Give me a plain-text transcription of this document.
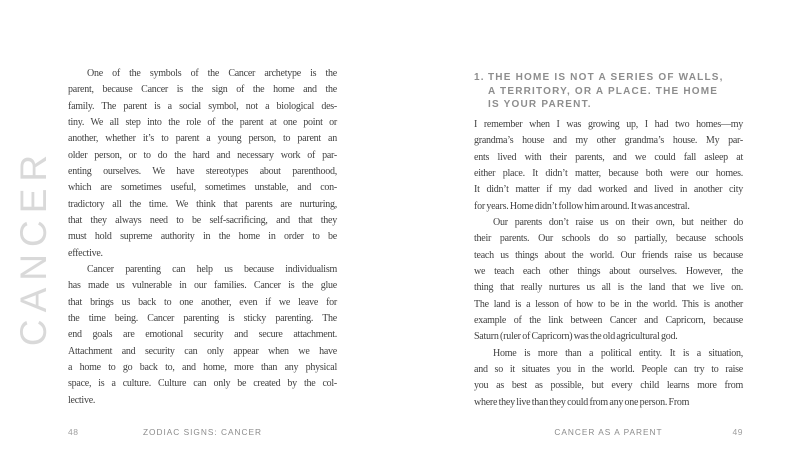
CANCER
One of the symbols of the Cancer archetype is the
parent, because Cancer is the sign of the home and the
family. The parent is a social symbol, not a biological des-
tiny. We all step into the role of the parent at one point or
another, whether it’s to parent a young person, to parent an
older person, or to do the hard and necessary work of par-
enting ourselves. We have stereotypes about parenthood,
which are sometimes useful, sometimes unstable, and con-
tradictory all the time. We think that parents are nurturing,
that they always need to be self-sacrificing, and that they
must hold supreme authority in the home in order to be
effective.
Cancer parenting can help us because individualism
has made us vulnerable in our families. Cancer is the glue
that brings us back to one another, even if we leave for
the time being. Cancer parenting is sticky parenting. The
end goals are emotional security and secure attachment.
Attachment and security can only appear when we have
a home to go back to, and home, more than any physical
space, is a culture. Culture can only be created by the col-
lective.
48	ZODIAC SIGNS: CANCER
1. THE HOME IS NOT A SERIES OF WALLS,
A TERRITORY, OR A PLACE. THE HOME
IS YOUR PARENT.
I remember when I was growing up, I had two homes—my
grandma’s house and my other grandma’s house. My par-
ents lived with their parents, and we could fall asleep at
either place. It didn’t matter, because both were our homes.
It didn’t matter if my dad worked and lived in another city
for years. Home didn’t follow him around. It was ancestral.
Our parents don’t raise us on their own, but neither do
their parents. Our schools do so partially, because schools
teach us things about the world. Our friends raise us because
we teach each other things about ourselves. However, the
thing that really nurtures us all is the land that we live on.
The land is a lesson of how to be in the world. This is another
example of the link between Cancer and Capricorn, because
Saturn (ruler of Capricorn) was the old agricultural god.
Home is more than a political entity. It is a situation,
and so it situates you in the world. People can try to raise
you as best as possible, but every child learns more from
where they live than they could from any one person. From
CANCER AS A PARENT	49
